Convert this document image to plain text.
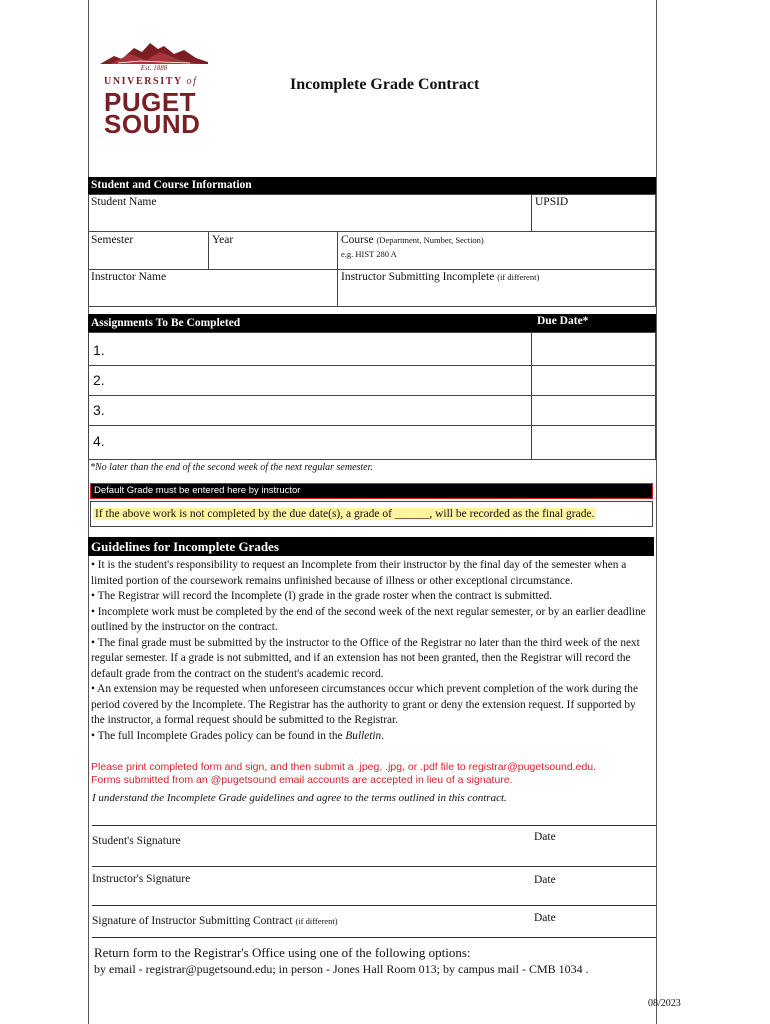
Est. 1888
UNIVERSITY of
PUGET
SOUND
Incomplete Grade Contract
Student and Course Information
Student Name	UPSID
Semester	Year	Course (Department, Number, Section)
e.g. HIST 280 A
Instructor Name	Instructor Submitting Incomplete (if different)
Assignments To Be Completed	Due Date*
1.
2.
3.
4.
*No later than the end of the second week of the next regular semester.
Default Grade must be entered here by instructor
If the above work is not completed by the due date(s), a grade of ______, will be recorded as the final grade.
Guidelines for Incomplete Grades

• It is the student's responsibility to request an Incomplete from their instructor by the final day of the semester when a limited portion of the coursework remains unfinished because of illness or other exceptional circumstance.

• The Registrar will record the Incomplete (I) grade in the grade roster when the contract is submitted.

• Incomplete work must be completed by the end of the second week of the next regular semester, or by an earlier deadline outlined by the instructor on the contract.

• The final grade must be submitted by the instructor to the Office of the Registrar no later than the third week of the next regular semester. If a grade is not submitted, and if an extension has not been granted, then the Registrar will record the default grade from the contract on the student's academic record.

• An extension may be requested when unforeseen circumstances occur which prevent completion of the work during the period covered by the Incomplete. The Registrar has the authority to grant or deny the extension request. If supported by the instructor, a formal request should be submitted to the Registrar.

• The full Incomplete Grades policy can be found in the Bulletin.

Please print completed form and sign, and then submit a .jpeg, .jpg, or .pdf file to registrar@pugetsound.edu.
Forms submitted from an @pugetsound email accounts are accepted in lieu of a signature.
I understand the Incomplete Grade guidelines and agree to the terms outlined in this contract.
Student's Signature	Date
Instructor's Signature	Date
Signature of Instructor Submitting Contract (if different)	Date
Return form to the Registrar's Office using one of the following options:
by email - registrar@pugetsound.edu; in person - Jones Hall Room 013; by campus mail - CMB 1034 .
08/2023
